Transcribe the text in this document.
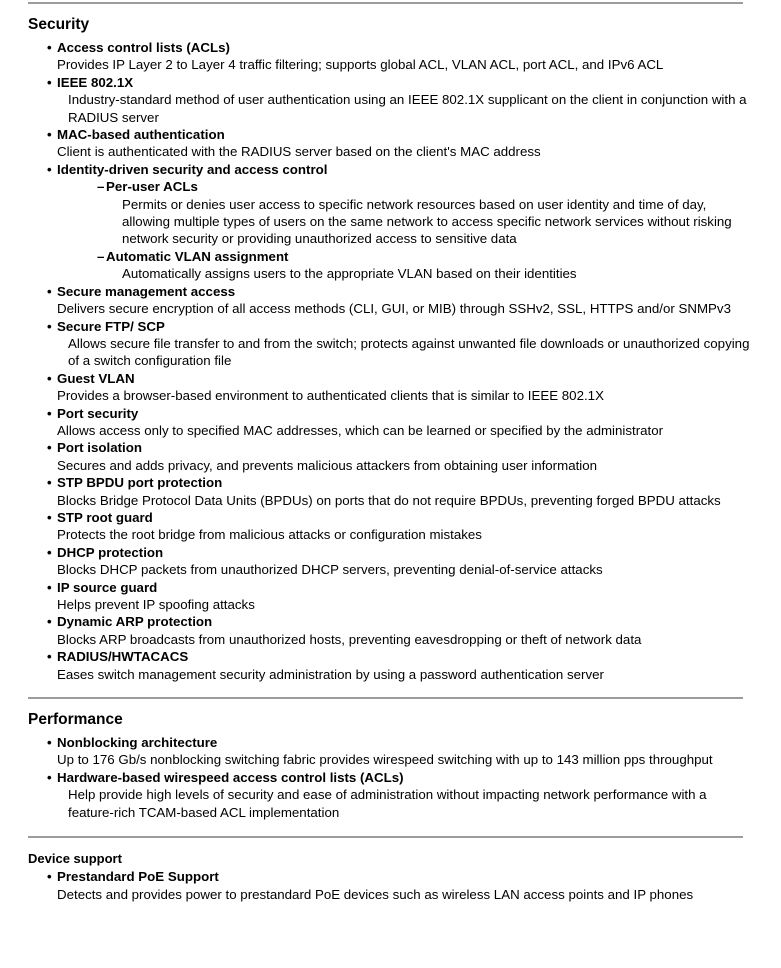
Security
• Access control lists (ACLs)
Provides IP Layer 2 to Layer 4 traffic filtering; supports global ACL, VLAN ACL, port ACL, and IPv6 ACL
• IEEE 802.1X
Industry-standard method of user authentication using an IEEE 802.1X supplicant on the client in conjunction with a RADIUS server
• MAC-based authentication
Client is authenticated with the RADIUS server based on the client's MAC address
• Identity-driven security and access control
– Per-user ACLs
Permits or denies user access to specific network resources based on user identity and time of day, allowing multiple types of users on the same network to access specific network services without risking network security or providing unauthorized access to sensitive data
– Automatic VLAN assignment
Automatically assigns users to the appropriate VLAN based on their identities
• Secure management access
Delivers secure encryption of all access methods (CLI, GUI, or MIB) through SSHv2, SSL, HTTPS and/or SNMPv3
• Secure FTP/ SCP
Allows secure file transfer to and from the switch; protects against unwanted file downloads or unauthorized copying of a switch configuration file
• Guest VLAN
Provides a browser-based environment to authenticated clients that is similar to IEEE 802.1X
• Port security
Allows access only to specified MAC addresses, which can be learned or specified by the administrator
• Port isolation
Secures and adds privacy, and prevents malicious attackers from obtaining user information
• STP BPDU port protection
Blocks Bridge Protocol Data Units (BPDUs) on ports that do not require BPDUs, preventing forged BPDU attacks
• STP root guard
Protects the root bridge from malicious attacks or configuration mistakes
• DHCP protection
Blocks DHCP packets from unauthorized DHCP servers, preventing denial-of-service attacks
• IP source guard
Helps prevent IP spoofing attacks
• Dynamic ARP protection
Blocks ARP broadcasts from unauthorized hosts, preventing eavesdropping or theft of network data
• RADIUS/HWTACACS
Eases switch management security administration by using a password authentication server
Performance
• Nonblocking architecture
Up to 176 Gb/s nonblocking switching fabric provides wirespeed switching with up to 143 million pps throughput
• Hardware-based wirespeed access control lists (ACLs)
Help provide high levels of security and ease of administration without impacting network performance with a feature-rich TCAM-based ACL implementation
Device support
• Prestandard PoE Support
Detects and provides power to prestandard PoE devices such as wireless LAN access points and IP phones
